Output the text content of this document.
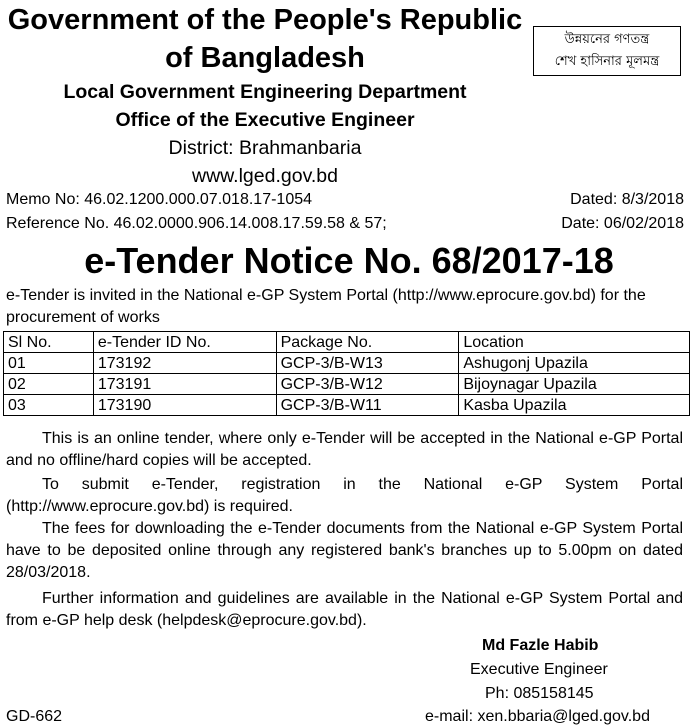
Government of the People's Republic
of Bangladesh
Local Government Engineering Department
Office of the Executive Engineer
District: Brahmanbaria
www.lged.gov.bd
উন্নয়নের গণতন্ত্র
শেখ হাসিনার মূলমন্ত্র
Memo No: 46.02.1200.000.07.018.17-1054	Dated: 8/3/2018
Reference No. 46.02.0000.906.14.008.17.59.58 & 57;	Date: 06/02/2018
e-Tender Notice No. 68/2017-18
e-Tender is invited in the National e-GP System Portal (http://www.eprocure.gov.bd) for the procurement of works
Sl No.	e-Tender ID No.	Package No.	Location
01	173192	GCP-3/B-W13	Ashugonj Upazila
02	173191	GCP-3/B-W12	Bijoynagar Upazila
03	173190	GCP-3/B-W11	Kasba Upazila
This is an online tender, where only e-Tender will be accepted in the National e-GP Portal and no offline/hard copies will be accepted.
To submit e-Tender, registration in the National e-GP System Portal
(http://www.eprocure.gov.bd) is required.
The fees for downloading the e-Tender documents from the National e-GP System Portal have to be deposited online through any registered bank's branches up to 5.00pm on dated 28/03/2018.
Further information and guidelines are available in the National e-GP System Portal and from e-GP help desk (helpdesk@eprocure.gov.bd).
Md Fazle Habib
Executive Engineer
Ph: 085158145
e-mail: xen.bbaria@lged.gov.bd
GD-662
